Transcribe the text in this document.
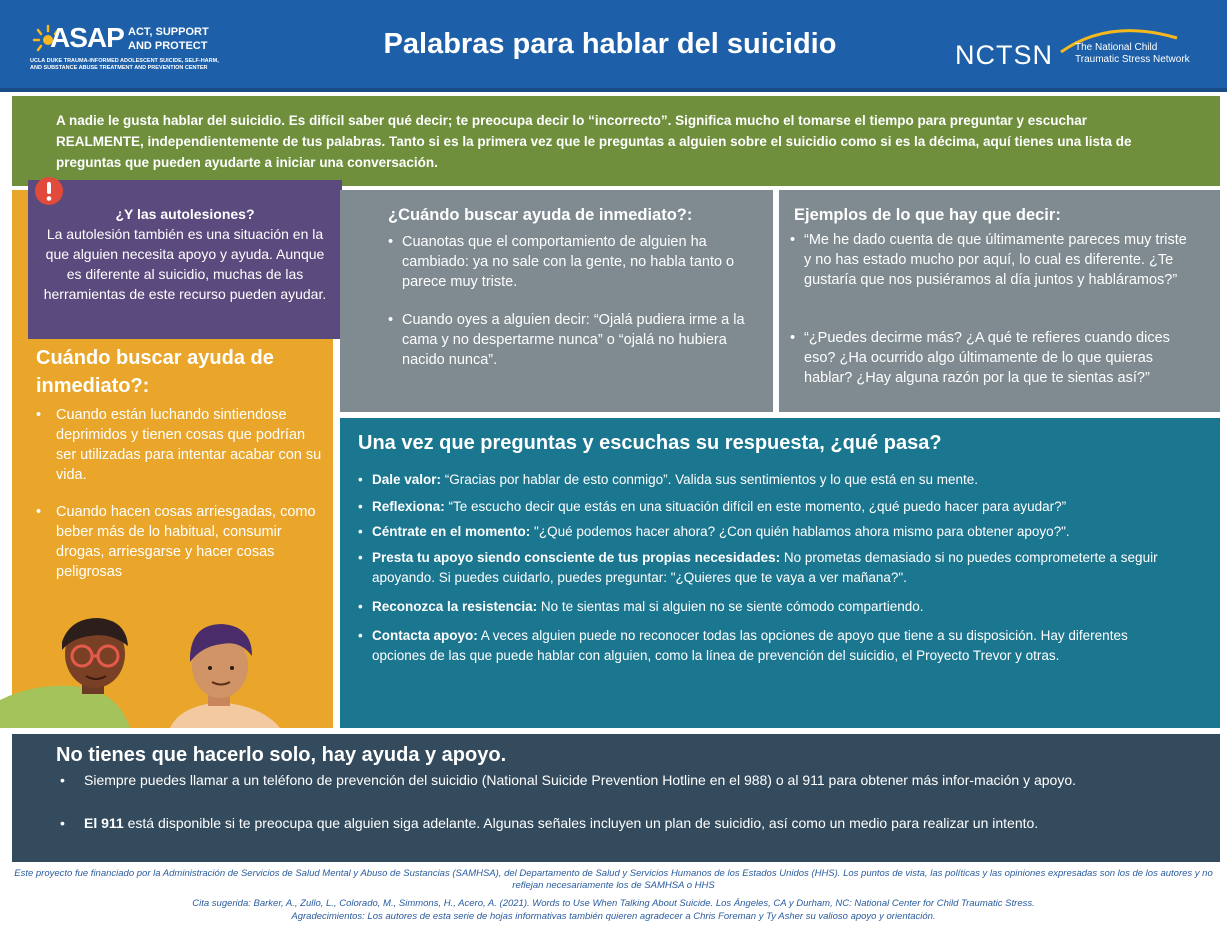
ASAP ACT, SUPPORT
AND PROTECT
UCLA DUKE TRAUMA-INFORMED ADOLESCENT SUICIDE, SELF-HARM, AND SUBSTANCE ABUSE TREATMENT AND PREVENTION CENTER
Palabras para hablar del suicidio	NCTSN The National Child
Traumatic Stress Network
A nadie le gusta hablar del suicidio. Es difícil saber qué decir; te preocupa decir lo “incorrecto”. Significa mucho el tomarse el tiempo para preguntar y escuchar REALMENTE, independientemente de tus palabras. Tanto si es la primera vez que le preguntas a alguien sobre el suicidio como si es la décima, aquí tienes una lista de preguntas que pueden ayudarte a iniciar una conversación.
¿Y las autolesiones?
La autolesión también es una situación en la que alguien necesita apoyo y ayuda. Aunque es diferente al suicidio, muchas de las herramientas de este recurso pueden ayudar.
Cuándo buscar ayuda de inmediato?:
• Cuando están luchando sintiendose deprimidos y tienen cosas que podrían ser utilizadas para intentar acabar con su vida.
• Cuando hacen cosas arriesgadas, como beber más de lo habitual, consumir drogas, arriesgarse y hacer cosas peligrosas
¿Cuándo buscar ayuda de inmediato?:
• Cuanotas que el comportamiento de alguien ha cambiado: ya no sale con la gente, no habla tanto o parece muy triste.
• Cuando oyes a alguien decir: “Ojalá pudiera irme a la cama y no despertarme nunca” o “ojalá no hubiera nacido nunca”.
Ejemplos de lo que hay que decir:
• “Me he dado cuenta de que últimamente pareces muy triste y no has estado mucho por aquí, lo cual es diferente. ¿Te gustaría que nos pusiéramos al día juntos y habláramos?”
• “¿Puedes decirme más? ¿A qué te refieres cuando dices eso? ¿Ha ocurrido algo últimamente de lo que quieras hablar? ¿Hay alguna razón por la que te sientas así?”
Una vez que preguntas y escuchas su respuesta, ¿qué pasa?
• Dale valor: “Gracias por hablar de esto conmigo”. Valida sus sentimientos y lo que está en su mente.
• Reflexiona: “Te escucho decir que estás en una situación difícil en este momento, ¿qué puedo hacer para ayudar?”
• Céntrate en el momento: "¿Qué podemos hacer ahora? ¿Con quién hablamos ahora mismo para obtener apoyo?".
• Presta tu apoyo siendo consciente de tus propias necesidades: No prometas demasiado si no puedes comprometerte a seguir apoyando. Si puedes cuidarlo, puedes preguntar: "¿Quieres que te vaya a ver mañana?".
• Reconozca la resistencia: No te sientas mal si alguien no se siente cómodo compartiendo.
• Contacta apoyo: A veces alguien puede no reconocer todas las opciones de apoyo que tiene a su disposición. Hay diferentes opciones de las que puede hablar con alguien, como la línea de prevención del suicidio, el Proyecto Trevor y otras.
No tienes que hacerlo solo, hay ayuda y apoyo.
• Siempre puedes llamar a un teléfono de prevención del suicidio (National Suicide Prevention Hotline en el 988) o al 911 para obtener más infor-mación y apoyo.
• El 911 está disponible si te preocupa que alguien siga adelante. Algunas señales incluyen un plan de suicidio, así como un medio para realizar un intento.
Este proyecto fue financiado por la Administración de Servicios de Salud Mental y Abuso de Sustancias (SAMHSA), del Departamento de Salud y Servicios Humanos de los Estados Unidos (HHS). Los puntos de vista, las políticas y las opiniones expresadas son los de los autores y no reflejan necesariamente los de SAMHSA o HHS
Cita sugerida: Barker, A., Zullo, L., Colorado, M., Simmons, H., Acero, A. (2021). Words to Use When Talking About Suicide. Los Ángeles, CA y Durham, NC: National Center for Child Traumatic Stress.
Agradecimientos: Los autores de esta serie de hojas informativas también quieren agradecer a Chris Foreman y Ty Asher su valioso apoyo y orientación.
